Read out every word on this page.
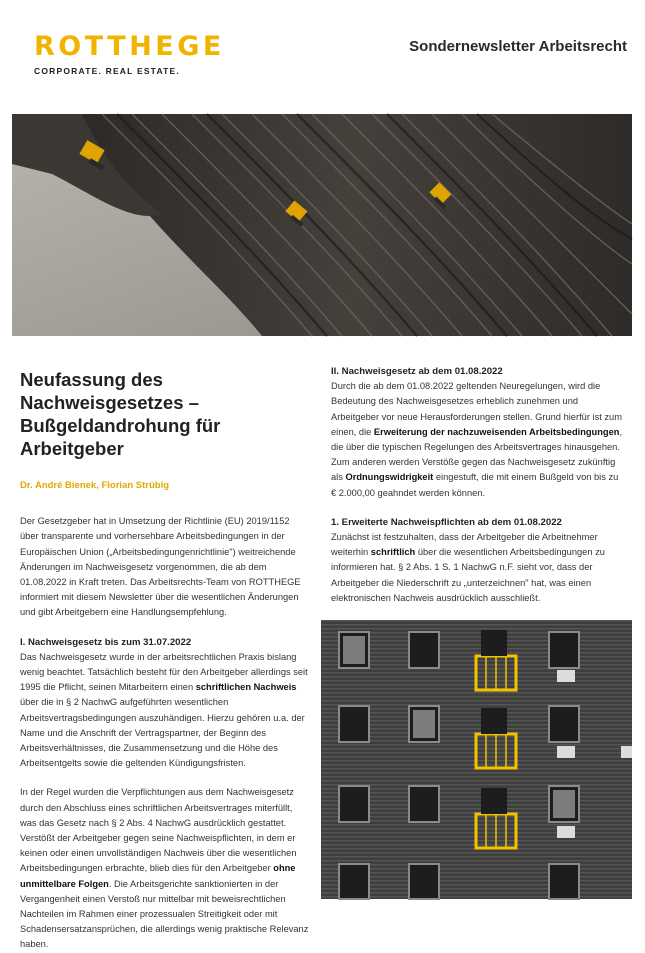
ROTTHEGE
CORPORATE. REAL ESTATE.
Sondernewsletter Arbeitsrecht
Neufassung des Nachweisgesetzes –
Bußgeldandrohung für Arbeitgeber
Dr. André Bienek, Florian Strübig

Der Gesetzgeber hat in Umsetzung der Richtlinie (EU) 2019/1152 über transparente und vorhersehbare Arbeitsbedingungen in der Europäischen Union („Arbeitsbedingungenrichtlinie") weitreichende Änderungen im Nachweisgesetz vorgenommen, die ab dem 01.08.2022 in Kraft treten. Das Arbeitsrechts-Team von ROTTHEGE informiert mit diesem Newsletter über die wesentlichen Änderungen und gibt Arbeitgebern eine Handlungsempfehlung.

I. Nachweisgesetz bis zum 31.07.2022

Das Nachweisgesetz wurde in der arbeitsrechtlichen Praxis bislang wenig beachtet. Tatsächlich besteht für den Arbeitgeber allerdings seit 1995 die Pflicht, seinen Mitarbeitern einen schriftlichen Nachweis über die in § 2 NachwG aufgeführten wesentlichen Arbeitsvertragsbedingungen auszuhändigen. Hierzu gehören u.a. der Name und die Anschrift der Vertragspartner, der Beginn des Arbeitsverhältnisses, die Zusammensetzung und die Höhe des Arbeitsentgelts sowie die geltenden Kündigungsfristen.

In der Regel wurden die Verpflichtungen aus dem Nachweisgesetz durch den Abschluss eines schriftlichen Arbeitsvertrages miterfüllt, was das Gesetz nach § 2 Abs. 4 NachwG ausdrücklich gestattet. Verstößt der Arbeitgeber gegen seine Nachweispflichten, in dem er keinen oder einen unvollständigen Nachweis über die wesentlichen Arbeitsbedingungen erbrachte, blieb dies für den Arbeitgeber ohne unmittelbare Folgen. Die Arbeitsgerichte sanktionierten in der Vergangenheit einen Verstoß nur mittelbar mit beweisrechtlichen Nachteilen im Rahmen einer prozessualen Streitigkeit oder mit Schadensersatzansprüchen, die allerdings wenig praktische Relevanz haben.

II. Nachweisgesetz ab dem 01.08.2022

Durch die ab dem 01.08.2022 geltenden Neuregelungen, wird die Bedeutung des Nachweisgesetzes erheblich zunehmen und Arbeitgeber vor neue Herausforderungen stellen. Grund hierfür ist zum einen, die Erweiterung der nachzuweisenden Arbeitsbedingungen, die über die typischen Regelungen des Arbeitsvertrages hinausgehen. Zum anderen werden Verstöße gegen das Nachweisgesetz zukünftig als Ordnungswidrigkeit eingestuft, die mit einem Bußgeld von bis zu € 2.000,00 geahndet werden können.

1. Erweiterte Nachweispflichten ab dem 01.08.2022

Zunächst ist festzuhalten, dass der Arbeitgeber die Arbeitnehmer weiterhin schriftlich über die wesentlichen Arbeitsbedingungen zu informieren hat. § 2 Abs. 1 S. 1 NachwG n.F. sieht vor, dass der Arbeitgeber die Niederschrift zu „unterzeichnen" hat, was einen elektronischen Nachweis ausdrücklich ausschließt.
